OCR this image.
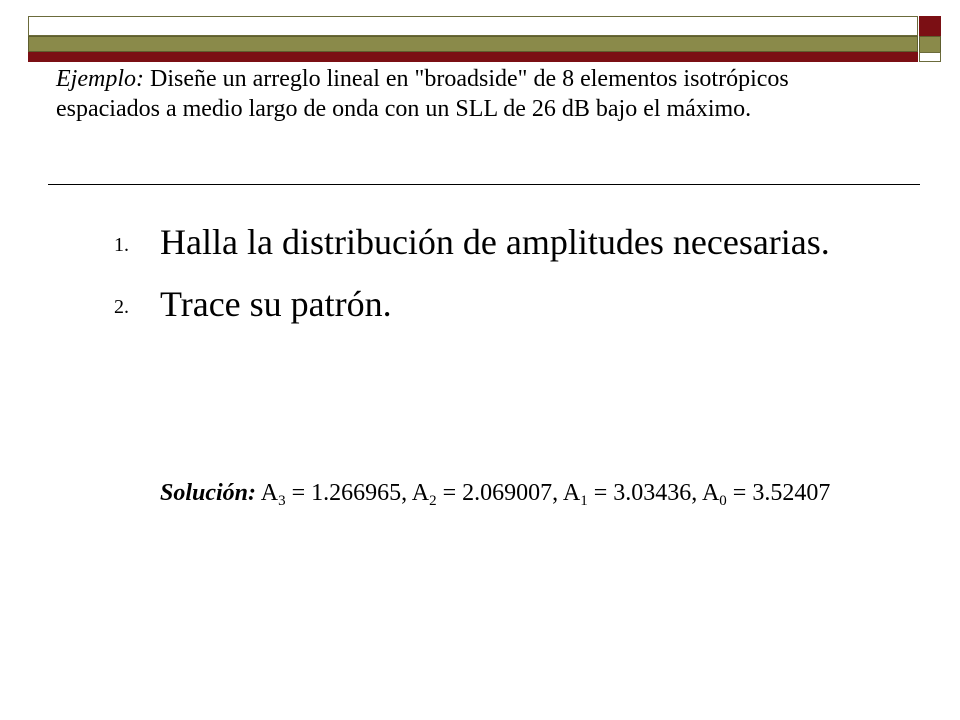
Ejemplo: Diseñe un arreglo lineal en "broadside" de 8 elementos isotrópicos espaciados a medio largo de onda con un SLL de 26 dB bajo el máximo.
1. Halla la distribución de amplitudes necesarias.
2. Trace su patrón.
Solución: $A_3 = 1.266965$, $A_2 = 2.069007$, $A_1 = 3.03436$, $A_0 = 3.52407$
